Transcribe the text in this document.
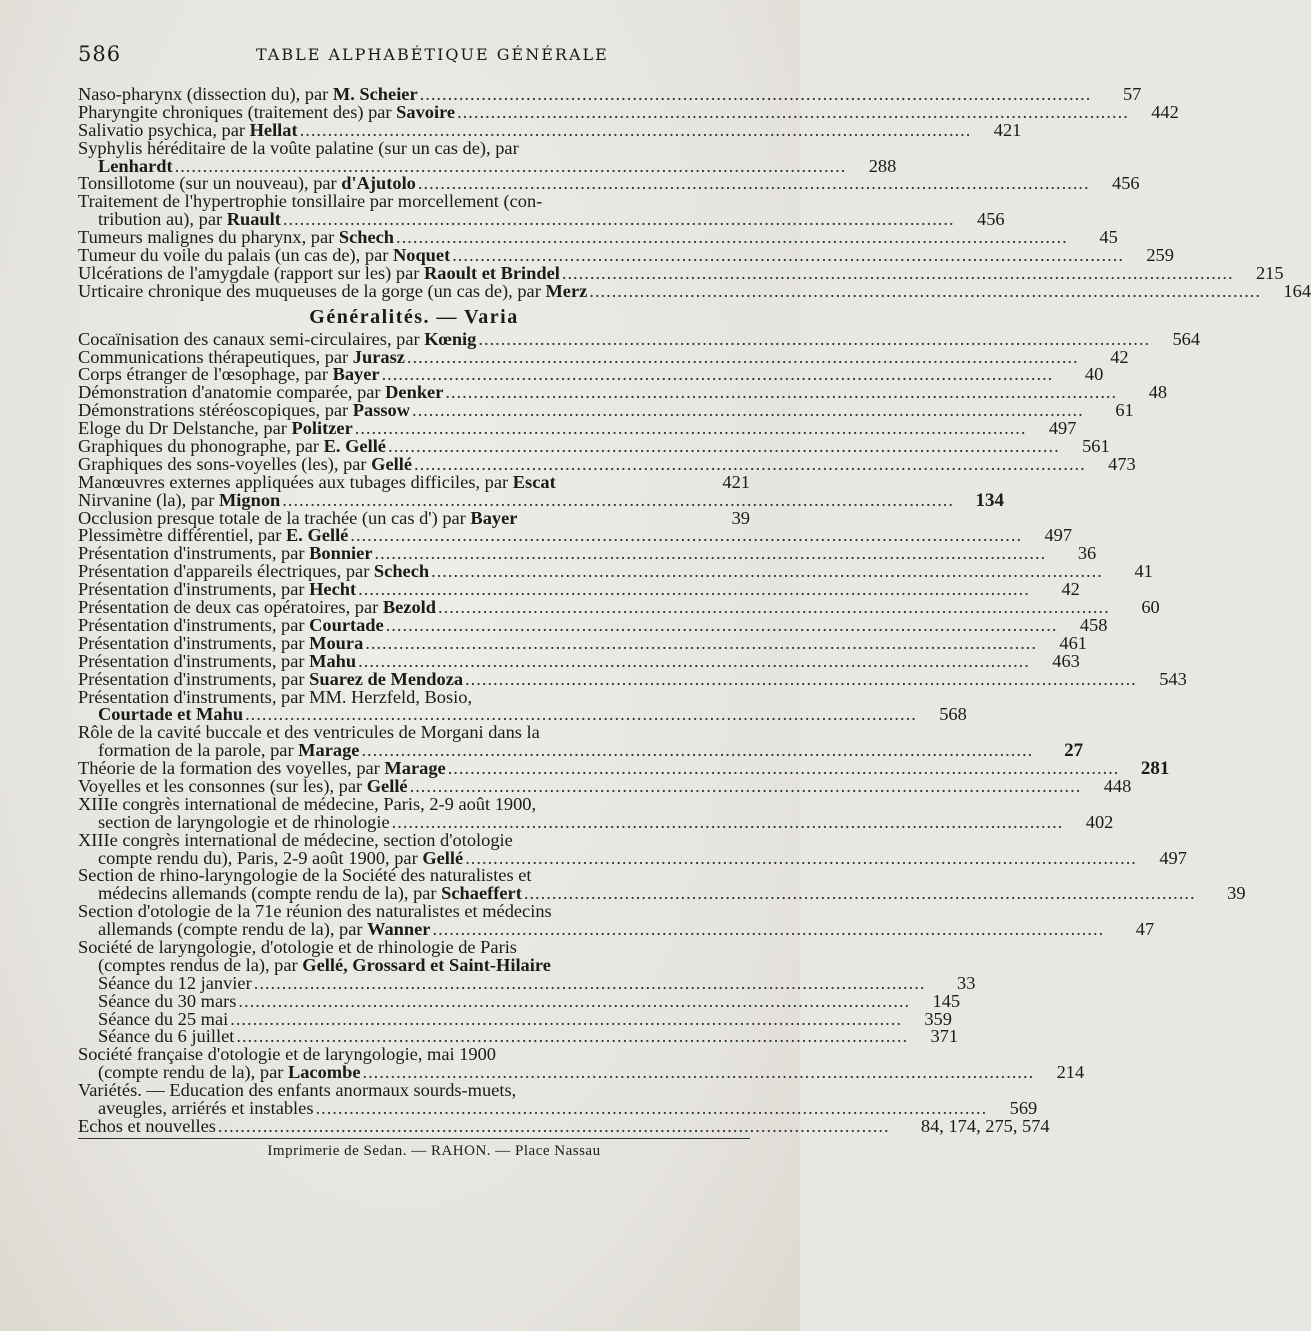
586	TABLE ALPHABÉTIQUE GÉNÉRALE
Naso-pharynx (dissection du), par M. Scheier ........................................................................................................................	57
Pharyngite chroniques (traitement des) par Savoire ........................................................................................................................	442
Salivatio psychica, par Hellat ........................................................................................................................	421
Syphylis héréditaire de la voûte palatine (sur un cas de), par
Lenhardt ........................................................................................................................	288
Tonsillotome (sur un nouveau), par d'Ajutolo ........................................................................................................................	456
Traitement de l'hypertrophie tonsillaire par morcellement (con-
tribution au), par Ruault ........................................................................................................................	456
Tumeurs malignes du pharynx, par Schech ........................................................................................................................	45
Tumeur du voile du palais (un cas de), par Noquet ........................................................................................................................	259
Ulcérations de l'amygdale (rapport sur les) par Raoult et Brindel ........................................................................................................................	215
Urticaire chronique des muqueuses de la gorge (un cas de), par Merz ........................................................................................................................	164
Généralités. — Varia
Cocaïnisation des canaux semi-circulaires, par Kœnig ........................................................................................................................	564
Communications thérapeutiques, par Jurasz ........................................................................................................................	42
Corps étranger de l'œsophage, par Bayer ........................................................................................................................	40
Démonstration d'anatomie comparée, par Denker ........................................................................................................................	48
Démonstrations stéréoscopiques, par Passow ........................................................................................................................	61
Eloge du Dr Delstanche, par Politzer ........................................................................................................................	497
Graphiques du phonographe, par E. Gellé ........................................................................................................................	561
Graphiques des sons-voyelles (les), par Gellé ........................................................................................................................	473
Manœuvres externes appliquées aux tubages difficiles, par Escat	421
Nirvanine (la), par Mignon ........................................................................................................................	134
Occlusion presque totale de la trachée (un cas d') par Bayer	39
Plessimètre différentiel, par E. Gellé ........................................................................................................................	497
Présentation d'instruments, par Bonnier ........................................................................................................................	36
Présentation d'appareils électriques, par Schech ........................................................................................................................	41
Présentation d'instruments, par Hecht ........................................................................................................................	42
Présentation de deux cas opératoires, par Bezold ........................................................................................................................	60
Présentation d'instruments, par Courtade ........................................................................................................................	458
Présentation d'instruments, par Moura ........................................................................................................................	461
Présentation d'instruments, par Mahu ........................................................................................................................	463
Présentation d'instruments, par Suarez de Mendoza ........................................................................................................................	543
Présentation d'instruments, par MM. Herzfeld, Bosio,
Courtade et Mahu ........................................................................................................................	568
Rôle de la cavité buccale et des ventricules de Morgani dans la
formation de la parole, par Marage ........................................................................................................................	27
Théorie de la formation des voyelles, par Marage ........................................................................................................................	281
Voyelles et les consonnes (sur les), par Gellé ........................................................................................................................	448
XIIIe congrès international de médecine, Paris, 2-9 août 1900,
section de laryngologie et de rhinologie ........................................................................................................................	402
XIIIe congrès international de médecine, section d'otologie
compte rendu du), Paris, 2-9 août 1900, par Gellé ........................................................................................................................	497
Section de rhino-laryngologie de la Société des naturalistes et
médecins allemands (compte rendu de la), par Schaeffert ........................................................................................................................	39
Section d'otologie de la 71e réunion des naturalistes et médecins
allemands (compte rendu de la), par Wanner ........................................................................................................................	47
Société de laryngologie, d'otologie et de rhinologie de Paris
(comptes rendus de la), par Gellé, Grossard et Saint-Hilaire
Séance du 12 janvier ........................................................................................................................	33
Séance du 30 mars ........................................................................................................................	145
Séance du 25 mai ........................................................................................................................	359
Séance du 6 juillet ........................................................................................................................	371
Société française d'otologie et de laryngologie, mai 1900
(compte rendu de la), par Lacombe ........................................................................................................................	214
Variétés. — Education des enfants anormaux sourds-muets,
aveugles, arriérés et instables ........................................................................................................................	569
Echos et nouvelles ........................................................................................................................	84, 174, 275, 574
Imprimerie de Sedan. — RAHON. — Place Nassau
